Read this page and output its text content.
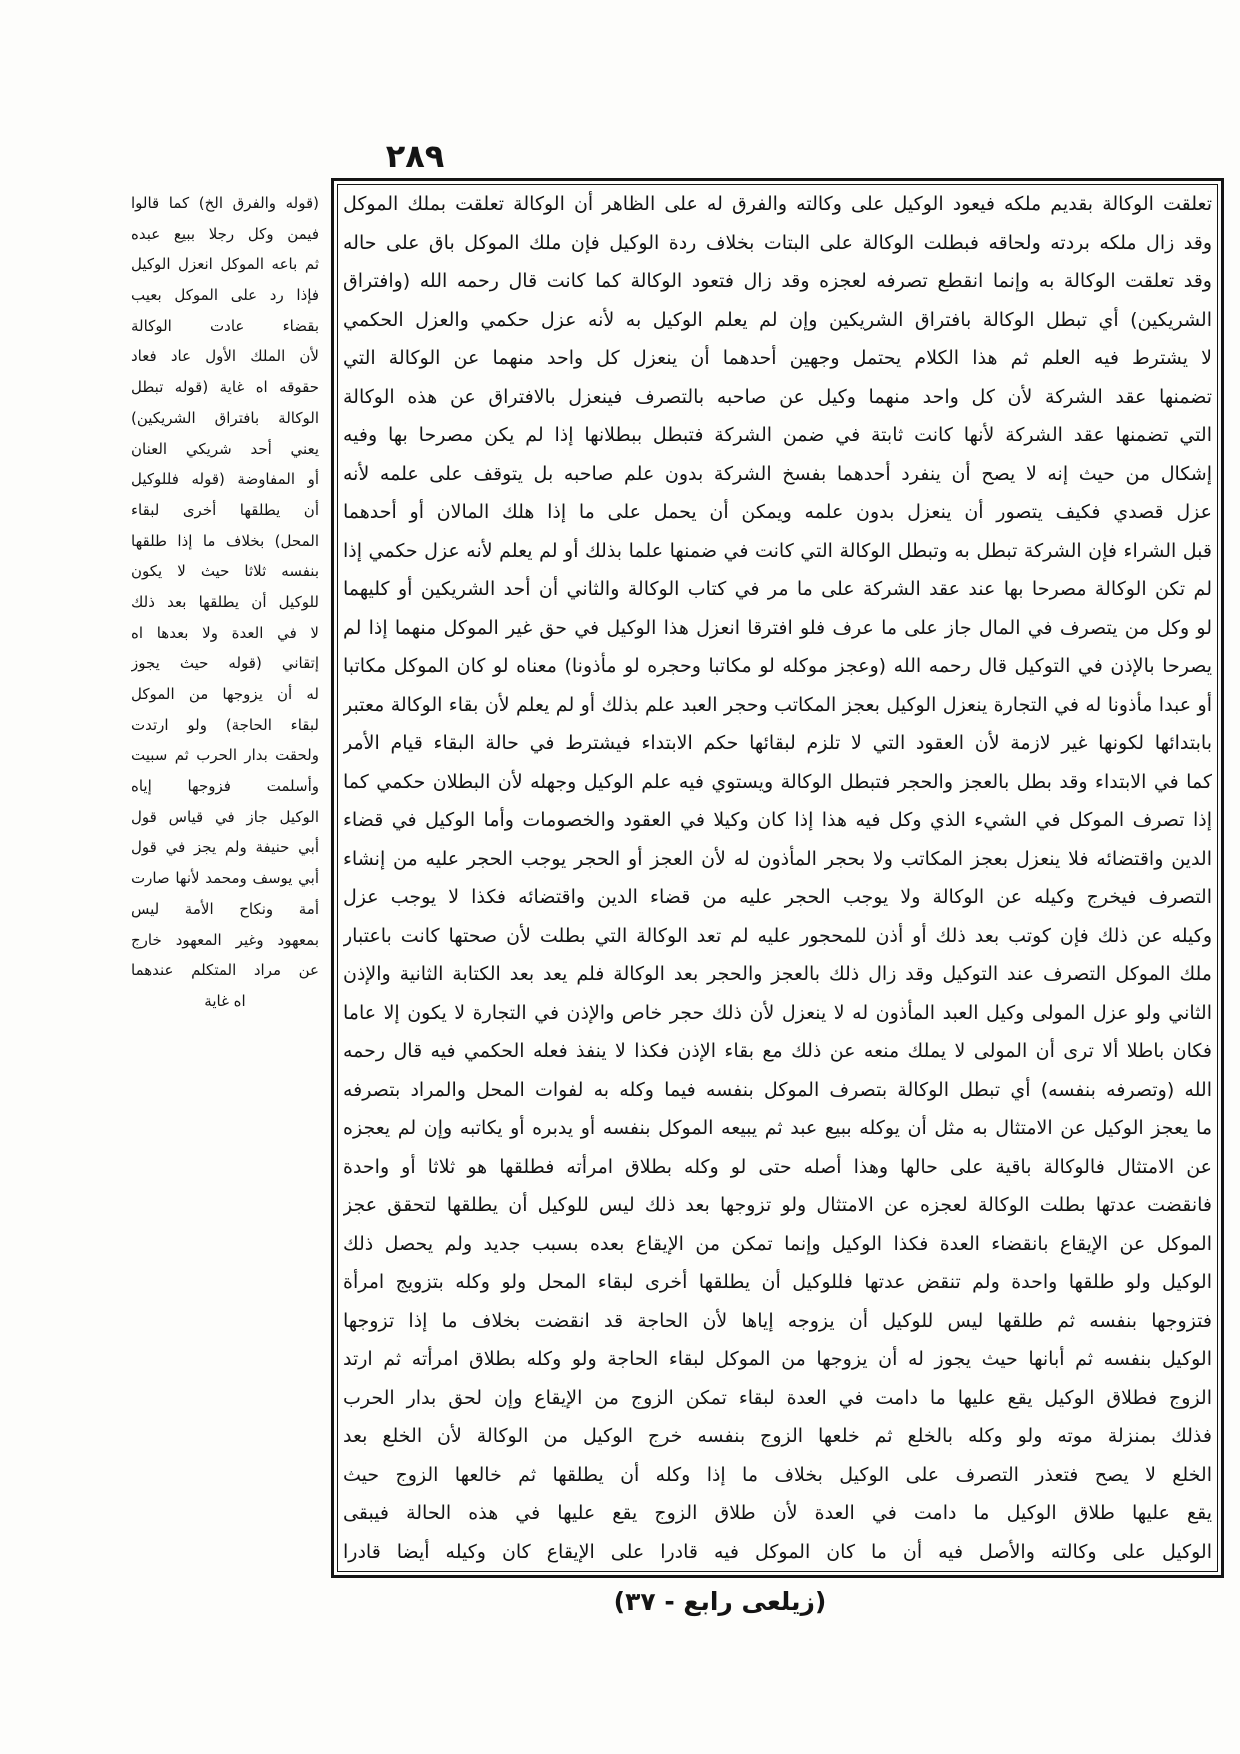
٢٨٩
تعلقت الوكالة بقديم ملكه فيعود الوكيل على وكالته والفرق له على الظاهر أن الوكالة تعلقت بملك الموكل
وقد زال ملكه بردته ولحاقه فبطلت الوكالة على البتات بخلاف ردة الوكيل فإن ملك الموكل باق على حاله
وقد تعلقت الوكالة به وإنما انقطع تصرفه لعجزه وقد زال فتعود الوكالة كما كانت قال رحمه الله (وافتراق
الشريكين) أي تبطل الوكالة بافتراق الشريكين وإن لم يعلم الوكيل به لأنه عزل حكمي والعزل الحكمي
لا يشترط فيه العلم ثم هذا الكلام يحتمل وجهين أحدهما أن ينعزل كل واحد منهما عن الوكالة التي
تضمنها عقد الشركة لأن كل واحد منهما وكيل عن صاحبه بالتصرف فينعزل بالافتراق عن هذه الوكالة
التي تضمنها عقد الشركة لأنها كانت ثابتة في ضمن الشركة فتبطل ببطلانها إذا لم يكن مصرحا بها وفيه
إشكال من حيث إنه لا يصح أن ينفرد أحدهما بفسخ الشركة بدون علم صاحبه بل يتوقف على علمه لأنه
عزل قصدي فكيف يتصور أن ينعزل بدون علمه ويمكن أن يحمل على ما إذا هلك المالان أو أحدهما
قبل الشراء فإن الشركة تبطل به وتبطل الوكالة التي كانت في ضمنها علما بذلك أو لم يعلم لأنه عزل حكمي إذا
لم تكن الوكالة مصرحا بها عند عقد الشركة على ما مر في كتاب الوكالة والثاني أن أحد الشريكين أو كليهما
لو وكل من يتصرف في المال جاز على ما عرف فلو افترقا انعزل هذا الوكيل في حق غير الموكل منهما إذا لم
يصرحا بالإذن في التوكيل قال رحمه الله (وعجز موكله لو مكاتبا وحجره لو مأذونا) معناه لو كان الموكل مكاتبا
أو عبدا مأذونا له في التجارة ينعزل الوكيل بعجز المكاتب وحجر العبد علم بذلك أو لم يعلم لأن بقاء الوكالة معتبر
بابتدائها لكونها غير لازمة لأن العقود التي لا تلزم لبقائها حكم الابتداء فيشترط في حالة البقاء قيام الأمر
كما في الابتداء وقد بطل بالعجز والحجر فتبطل الوكالة ويستوي فيه علم الوكيل وجهله لأن البطلان حكمي كما
إذا تصرف الموكل في الشيء الذي وكل فيه هذا إذا كان وكيلا في العقود والخصومات وأما الوكيل في قضاء
الدين واقتضائه فلا ينعزل بعجز المكاتب ولا بحجر المأذون له لأن العجز أو الحجر يوجب الحجر عليه من إنشاء
التصرف فيخرج وكيله عن الوكالة ولا يوجب الحجر عليه من قضاء الدين واقتضائه فكذا لا يوجب عزل
وكيله عن ذلك فإن كوتب بعد ذلك أو أذن للمحجور عليه لم تعد الوكالة التي بطلت لأن صحتها كانت باعتبار
ملك الموكل التصرف عند التوكيل وقد زال ذلك بالعجز والحجر بعد الوكالة فلم يعد بعد الكتابة الثانية والإذن
الثاني ولو عزل المولى وكيل العبد المأذون له لا ينعزل لأن ذلك حجر خاص والإذن في التجارة لا يكون إلا عاما
فكان باطلا ألا ترى أن المولى لا يملك منعه عن ذلك مع بقاء الإذن فكذا لا ينفذ فعله الحكمي فيه قال رحمه
الله (وتصرفه بنفسه) أي تبطل الوكالة بتصرف الموكل بنفسه فيما وكله به لفوات المحل والمراد بتصرفه
ما يعجز الوكيل عن الامتثال به مثل أن يوكله ببيع عبد ثم يبيعه الموكل بنفسه أو يدبره أو يكاتبه وإن لم يعجزه
عن الامتثال فالوكالة باقية على حالها وهذا أصله حتى لو وكله بطلاق امرأته فطلقها هو ثلاثا أو واحدة
فانقضت عدتها بطلت الوكالة لعجزه عن الامتثال ولو تزوجها بعد ذلك ليس للوكيل أن يطلقها لتحقق عجز
الموكل عن الإيقاع بانقضاء العدة فكذا الوكيل وإنما تمكن من الإيقاع بعده بسبب جديد ولم يحصل ذلك
الوكيل ولو طلقها واحدة ولم تنقض عدتها فللوكيل أن يطلقها أخرى لبقاء المحل ولو وكله بتزويج امرأة
فتزوجها بنفسه ثم طلقها ليس للوكيل أن يزوجه إياها لأن الحاجة قد انقضت بخلاف ما إذا تزوجها
الوكيل بنفسه ثم أبانها حيث يجوز له أن يزوجها من الموكل لبقاء الحاجة ولو وكله بطلاق امرأته ثم ارتد
الزوج فطلاق الوكيل يقع عليها ما دامت في العدة لبقاء تمكن الزوج من الإيقاع وإن لحق بدار الحرب
فذلك بمنزلة موته ولو وكله بالخلع ثم خلعها الزوج بنفسه خرج الوكيل من الوكالة لأن الخلع بعد
الخلع لا يصح فتعذر التصرف على الوكيل بخلاف ما إذا وكله أن يطلقها ثم خالعها الزوج حيث
يقع عليها طلاق الوكيل ما دامت في العدة لأن طلاق الزوج يقع عليها في هذه الحالة فيبقى
الوكيل على وكالته والأصل فيه أن ما كان الموكل فيه قادرا على الإيقاع كان وكيله أيضا قادرا
(قوله والفرق الخ) كما قالوا
فيمن وكل رجلا ببيع عبده
ثم باعه الموكل انعزل الوكيل
فإذا رد على الموكل بعيب
بقضاء عادت الوكالة
لأن الملك الأول عاد فعاد
حقوقه اه غاية (قوله تبطل
الوكالة بافتراق الشريكين)
يعني أحد شريكي العنان
أو المفاوضة (قوله فللوكيل
أن يطلقها أخرى لبقاء
المحل) بخلاف ما إذا طلقها
بنفسه ثلاثا حيث لا يكون
للوكيل أن يطلقها بعد ذلك
لا في العدة ولا بعدها اه
إتقاني (قوله حيث يجوز
له أن يزوجها من الموكل
لبقاء الحاجة) ولو ارتدت
ولحقت بدار الحرب ثم سبيت
وأسلمت فزوجها إياه
الوكيل جاز في قياس قول
أبي حنيفة ولم يجز في قول
أبي يوسف ومحمد لأنها صارت
أمة ونكاح الأمة ليس
بمعهود وغير المعهود خارج
عن مراد المتكلم عندهما
اه غاية
(زيلعى رابع - ٣٧)
